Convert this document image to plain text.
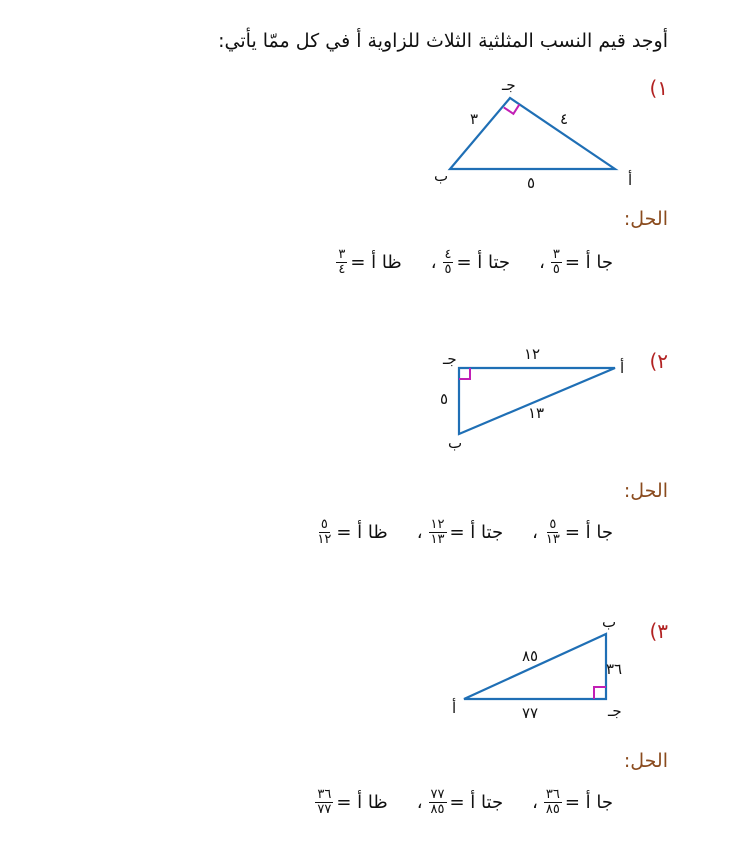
أوجد قيم النسب المثلثية الثلاث للزاوية أ في كل ممّا يأتي:
١)
أ
ب
جـ
٣	٤
٥
الحل:
جا أ =
$\frac{٣}{٥}$
،
جتا أ =
$\frac{٤}{٥}$
،
ظا أ =
$\frac{٣}{٤}$
٢)
أ
ب
جـ	١٢
٥
١٣
الحل:
جا أ =
$\frac{٥}{١٣}$
،
جتا أ =
$\frac{١٢}{١٣}$
،
ظا أ =
$\frac{٥}{١٢}$
٣)
أ
ب
جـ
٨٥
٣٦
٧٧
الحل:
جا أ =
$\frac{٣٦}{٨٥}$
،
جتا أ =
$\frac{٧٧}{٨٥}$
،
ظا أ =
$\frac{٣٦}{٧٧}$
